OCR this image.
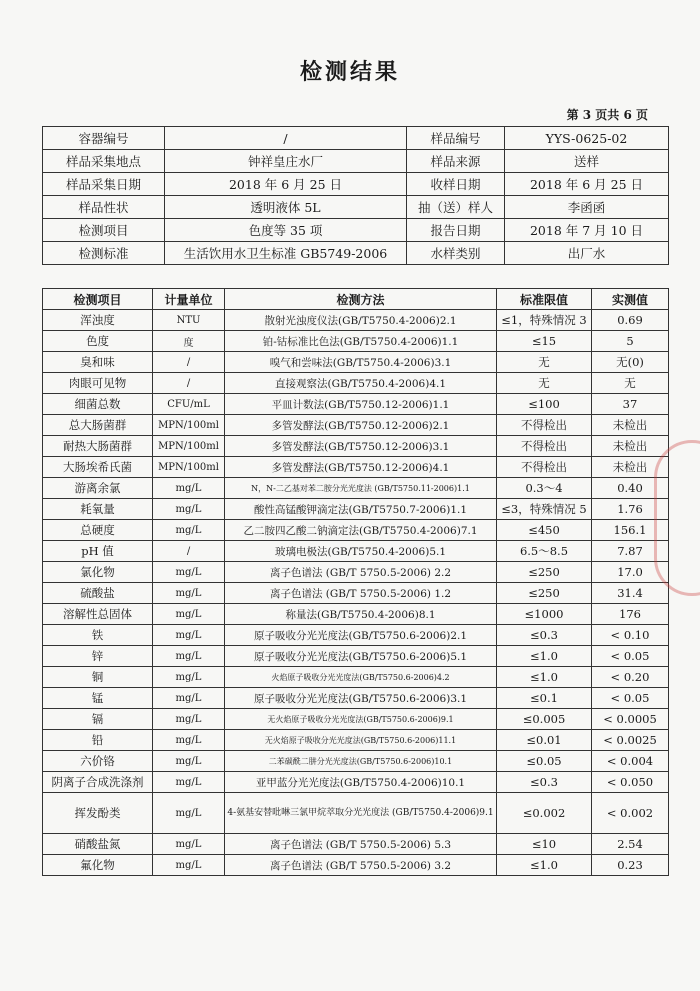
检测结果
第 3 页共 6 页
容器编号	/	样品编号	YYS-0625-02
样品采集地点	钟祥皇庄水厂	样品来源	送样
样品采集日期	2018 年 6 月 25 日	收样日期	2018 年 6 月 25 日
样品性状	透明液体 5L	抽（送）样人	李函函
检测项目	色度等 35 项	报告日期	2018 年 7 月 10 日
检测标准	生活饮用水卫生标准 GB5749-2006	水样类别	出厂水
检测项目	计量单位	检测方法	标准限值	实测值
浑浊度	NTU	散射光浊度仪法(GB/T5750.4-2006)2.1	≤1，特殊情况 3	0.69
色度	度	铂-钴标准比色法(GB/T5750.4-2006)1.1	≤15	5
臭和味	/	嗅气和尝味法(GB/T5750.4-2006)3.1	无	无(0)
肉眼可见物	/	直接观察法(GB/T5750.4-2006)4.1	无	无
细菌总数	CFU/mL	平皿计数法(GB/T5750.12-2006)1.1	≤100	37
总大肠菌群	MPN/100ml	多管发酵法(GB/T5750.12-2006)2.1	不得检出	未检出
耐热大肠菌群	MPN/100ml	多管发酵法(GB/T5750.12-2006)3.1	不得检出	未检出
大肠埃希氏菌	MPN/100ml	多管发酵法(GB/T5750.12-2006)4.1	不得检出	未检出
游离余氯	mg/L	N，N-二乙基对苯二胺分光光度法 (GB/T5750.11-2006)1.1	0.3～4	0.40
耗氧量	mg/L	酸性高锰酸钾滴定法(GB/T5750.7-2006)1.1	≤3，特殊情况 5	1.76
总硬度	mg/L	乙二胺四乙酸二钠滴定法(GB/T5750.4-2006)7.1	≤450	156.1
pH 值	/	玻璃电极法(GB/T5750.4-2006)5.1	6.5～8.5	7.87
氯化物	mg/L	离子色谱法 (GB/T 5750.5-2006) 2.2	≤250	17.0
硫酸盐	mg/L	离子色谱法 (GB/T 5750.5-2006) 1.2	≤250	31.4
溶解性总固体	mg/L	称量法(GB/T5750.4-2006)8.1	≤1000	176
铁	mg/L	原子吸收分光光度法(GB/T5750.6-2006)2.1	≤0.3	< 0.10
锌	mg/L	原子吸收分光光度法(GB/T5750.6-2006)5.1	≤1.0	< 0.05
铜	mg/L	火焰原子吸收分光光度法(GB/T5750.6-2006)4.2	≤1.0	< 0.20
锰	mg/L	原子吸收分光光度法(GB/T5750.6-2006)3.1	≤0.1	< 0.05
镉	mg/L	无火焰原子吸收分光光度法(GB/T5750.6-2006)9.1	≤0.005	< 0.0005
铅	mg/L	无火焰原子吸收分光光度法(GB/T5750.6-2006)11.1	≤0.01	< 0.0025
六价铬	mg/L	二苯碳酰二肼分光光度法(GB/T5750.6-2006)10.1	≤0.05	< 0.004
阴离子合成洗涤剂	mg/L	亚甲蓝分光光度法(GB/T5750.4-2006)10.1	≤0.3	< 0.050
挥发酚类	mg/L	4-氨基安替吡啉三氯甲烷萃取分光光度法 (GB/T5750.4-2006)9.1	≤0.002	< 0.002
硝酸盐氮	mg/L	离子色谱法 (GB/T 5750.5-2006) 5.3	≤10	2.54
氟化物	mg/L	离子色谱法 (GB/T 5750.5-2006) 3.2	≤1.0	0.23
